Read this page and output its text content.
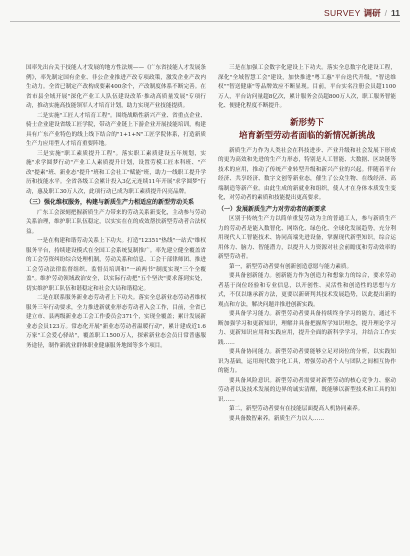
SURVEY 调研 / 11

国率先出台关于技能人才发展的地方性法规——《广东省技能人才发展条例》，率先制定国有企业、非公企业推进产改专项政策，激发企业产改内生动力。全省已制定产改构成要素400余个，产改制度体系不断完善。在省市县全域开展"深化产业工人队伍建设改革·推动高质量发展"专项行动，推动实施高技能领军人才培育计划，助力实现产业技能提质。

二是实施"工匠人才培育工程"。围绕战略性新兴产业、省重点企业、骑士企业建设省级工匠学院，带动产业链上下游企业开展技能培训，构建具有广东产业特色的线上线下结合的"1+1+N"工匠学院体系，打造新质生产力应用型人才培育重要阵地。

三是实施"职工素质提升工程"。落实职工素质建设五年规划，实施"求学圆梦行动"产业工人素质提升计划，设置劳模工匠本科班、"产改"提素"班、新业态"提升"班和工会社工"赋能"班，助力一线职工提升学历和技能水平。全省各级工会累计投入3亿元连续11年开展"求学圆梦"行动，惠及职工30万人次，此项行动已成为职工素质提升闪亮品牌。

（三）强化维权服务，构建与新质生产力相适应的新型劳动关系

广东工会深刻把握新质生产力带来的劳动关系新变化，主动参与劳动关系治理，维护职工队伍稳定，以实实在在的成效帮扶新型劳动者合法权益。

一是在构建和谐劳动关系上下功夫。打造"12351"热线"一站式"维权服务平台，持续建设模式在全国工会系统复制推广。率先建立健全覆盖省的工会劳资纠纷综合处理机制，劳动关系和信息、工会干部律师团、推进工会劳动法律监督组织、监督员培训和"一函两书"制度实现"三个全覆盖"。维护劳动领域政治安全，以实际行动把"五个坚决"要求落到实处，切实维护职工队伍和谐稳定和社会大局和谐稳定。

二是在联系服务新业态劳动者上下功夫。落实全总新业态劳动者维权服务三年行动要求，全力推进新就业形态劳动者入会工作，目前，全省已建立市、县两级新业态工会工作委员会371个，实现全覆盖；累计发展新业态会员123万。常态化开展"新业态劳动者温暖行动"，累计建成近1.6万家"工会爱心驿站"，覆盖职工1500万人，探索新业态会员日常普惠服务途径，制作新就业群体职业健康服务地图等多个项目。

三是在加强工会数字化建设上下功夫。落实全总数字化建设工程，深化"全域智慧工会"建设，加快推进"粤工惠"平台迭代升级，"智送维权""智送健康"等品牌效应不断显现。目前，平台实名注册会员超1100万人，平台访问量超8亿次，累计服务会员超800万人次，职工服务智能化、便捷化程度不断提升。

新形势下
培育新型劳动者面临的新情况新挑战

新质生产力作为人类社会在科技进步、产业升级和社会发展下形成的更为高效和先进的生产力形态，特别是人工智能、大数据、区块链等技术的应用，推动了传统产业转型升级和新兴产业的兴起。伴随着平台经济、共享经济、数字文创等新业态，催生了公众生物、在线经济、高端制造等新产业。由此生成的新就业和组织，使人才在身体本质发生变化，对劳动者的素质和技能提出更高要求。

（一）发展新质生产力对劳动者的新要求

区别于传统生产力以简单重复劳动为主的普通工人，参与新质生产力的劳动者是能入数智化、网络化、绿色化、全球化发展趋势，充分利用现代人工智能技术、协同高端先进设备，掌握现代新型知识，综合运用体力、脑力、智能潜力，以提升人力资源对社会前瞻度和劳动效率的新型劳动者。

第一，新型劳动者要有创新创造意愿与能力素质。

要具备创新能力。创新能力作为创造力和想象力的综合，要求劳动者基于岗位经验和专业信息，以开创性、灵活性和创造性的思想与方式，不仅以继承新方法，更要以新研判其技术发展趋势，以此提出新的观点和方法，解决问题并推进创新实践。

要具备学习能力。新型劳动者要具备持续终身学习的能力，通过不断加强学习和更新知识，理解并具备把握所学知识理念，提升理论学习力、更新知识应用和实践应用，提升全面的新科学学习，并结合工作实践……

要具备协同能力。新型劳动者要能够立足对岗位的分析，以实践知识为基础，运用现代数字化工具，增强劳动者个人与团队之间相互协作的能力。

要具备风险意识。新型劳动者需要对新型劳动的核心竞争力、驱动劳动者以及技术发展的边界的诚实清醒，既能够以新型技术和工具的知识……

第二，新型劳动者要有在技能层面提高人机协同素养。

要具备数智素养。新质生产力以人……
